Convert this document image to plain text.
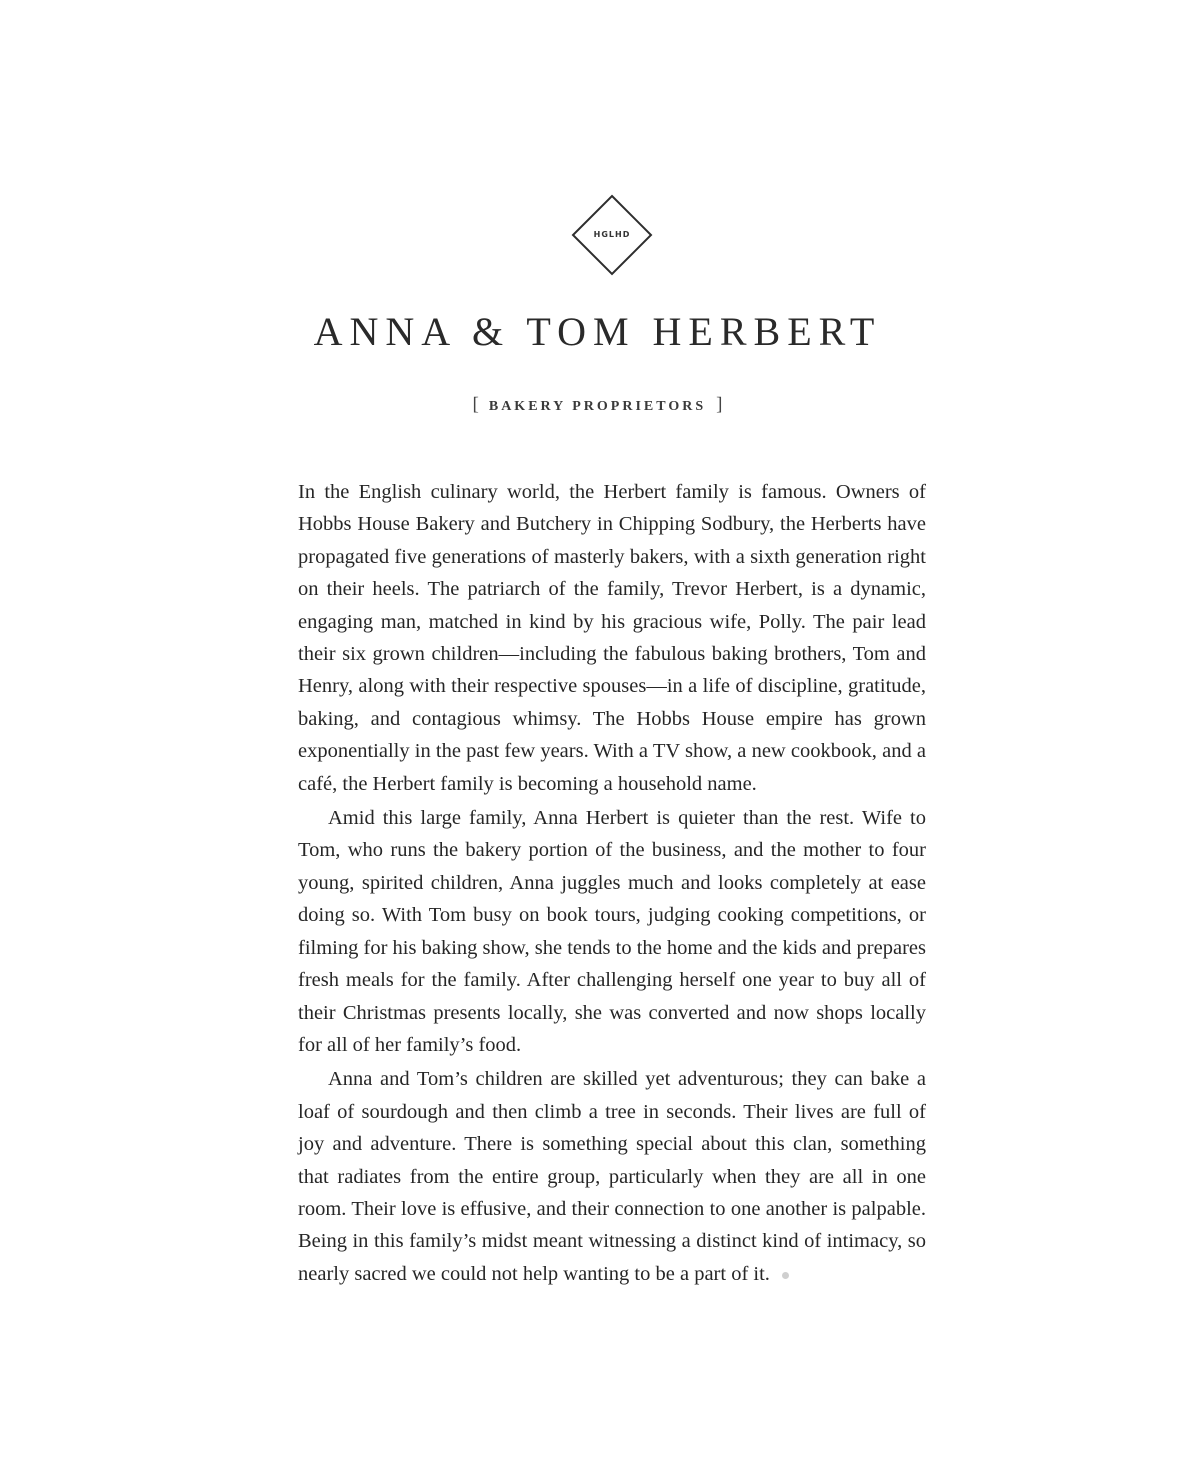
HGLHD
ANNA & TOM HERBERT
[ BAKERY PROPRIETORS ]

In the English culinary world, the Herbert family is famous. Owners of Hobbs House Bakery and Butchery in Chipping Sodbury, the Herberts have propagated five generations of masterly bakers, with a sixth generation right on their heels. The patriarch of the family, Trevor Herbert, is a dynamic, engaging man, matched in kind by his gracious wife, Polly. The pair lead their six grown children—including the fabulous baking brothers, Tom and Henry, along with their respective spouses—in a life of discipline, gratitude, baking, and contagious whimsy. The Hobbs House empire has grown exponentially in the past few years. With a TV show, a new cookbook, and a café, the Herbert family is becoming a household name.

Amid this large family, Anna Herbert is quieter than the rest. Wife to Tom, who runs the bakery portion of the business, and the mother to four young, spirited children, Anna juggles much and looks completely at ease doing so. With Tom busy on book tours, judging cooking competitions, or filming for his baking show, she tends to the home and the kids and prepares fresh meals for the family. After challenging herself one year to buy all of their Christmas presents locally, she was converted and now shops locally for all of her family’s food.

Anna and Tom’s children are skilled yet adventurous; they can bake a loaf of sourdough and then climb a tree in seconds. Their lives are full of joy and adventure. There is something special about this clan, something that radiates from the entire group, particularly when they are all in one room. Their love is effusive, and their connection to one another is palpable. Being in this family’s midst meant witnessing a distinct kind of intimacy, so nearly sacred we could not help wanting to be a part of it.
